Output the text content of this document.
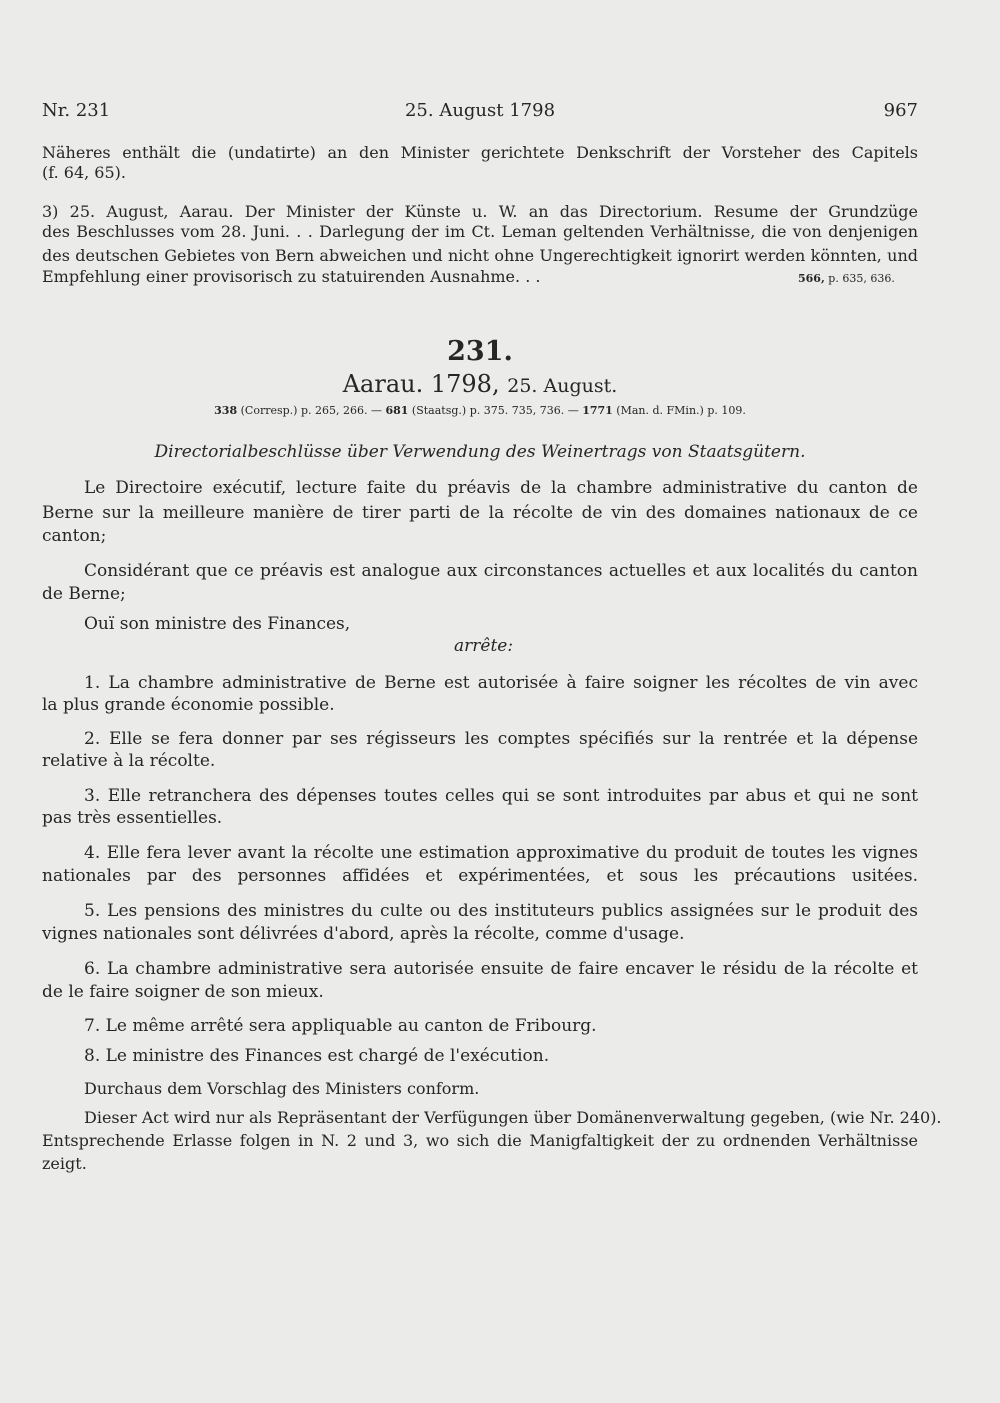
Nr. 231	25. August 1798	967
Näheres enthält die (undatirte) an den Minister gerichtete Denkschrift der Vorsteher des Capitels
(f. 64, 65).
3) 25. August, Aarau. Der Minister der Künste u. W. an das Directorium. Resume der Grundzüge
des Beschlusses vom 28. Juni. . . Darlegung der im Ct. Leman geltenden Verhältnisse, die von denjenigen
des deutschen Gebietes von Bern abweichen und nicht ohne Ungerechtigkeit ignorirt werden könnten, und
Empfehlung einer provisorisch zu statuirenden Ausnahme. . .	566, p. 635, 636.
231.
Aarau. 1798, 25. August.
338 (Corresp.) p. 265, 266. — 681 (Staatsg.) p. 375. 735, 736. — 1771 (Man. d. FMin.) p. 109.
Directorialbeschlüsse über Verwendung des Weinertrags von Staatsgütern.
Le Directoire exécutif, lecture faite du préavis de la chambre administrative du canton de
Berne sur la meilleure manière de tirer parti de la récolte de vin des domaines nationaux de ce
canton;
Considérant que ce préavis est analogue aux circonstances actuelles et aux localités du canton
de Berne;
Ouï son ministre des Finances,
arrête:
1. La chambre administrative de Berne est autorisée à faire soigner les récoltes de vin avec
la plus grande économie possible.
2. Elle se fera donner par ses régisseurs les comptes spécifiés sur la rentrée et la dépense
relative à la récolte.
3. Elle retranchera des dépenses toutes celles qui se sont introduites par abus et qui ne sont
pas très essentielles.
4. Elle fera lever avant la récolte une estimation approximative du produit de toutes les vignes
nationales par des personnes affidées et expérimentées, et sous les précautions usitées.
5. Les pensions des ministres du culte ou des instituteurs publics assignées sur le produit des
vignes nationales sont délivrées d'abord, après la récolte, comme d'usage.
6. La chambre administrative sera autorisée ensuite de faire encaver le résidu de la récolte et
de le faire soigner de son mieux.
7. Le même arrêté sera appliquable au canton de Fribourg.
8. Le ministre des Finances est chargé de l'exécution.
Durchaus dem Vorschlag des Ministers conform.
Dieser Act wird nur als Repräsentant der Verfügungen über Domänenverwaltung gegeben, (wie Nr. 240).
Entsprechende Erlasse folgen in N. 2 und 3, wo sich die Manigfaltigkeit der zu ordnenden Verhältnisse
zeigt.
